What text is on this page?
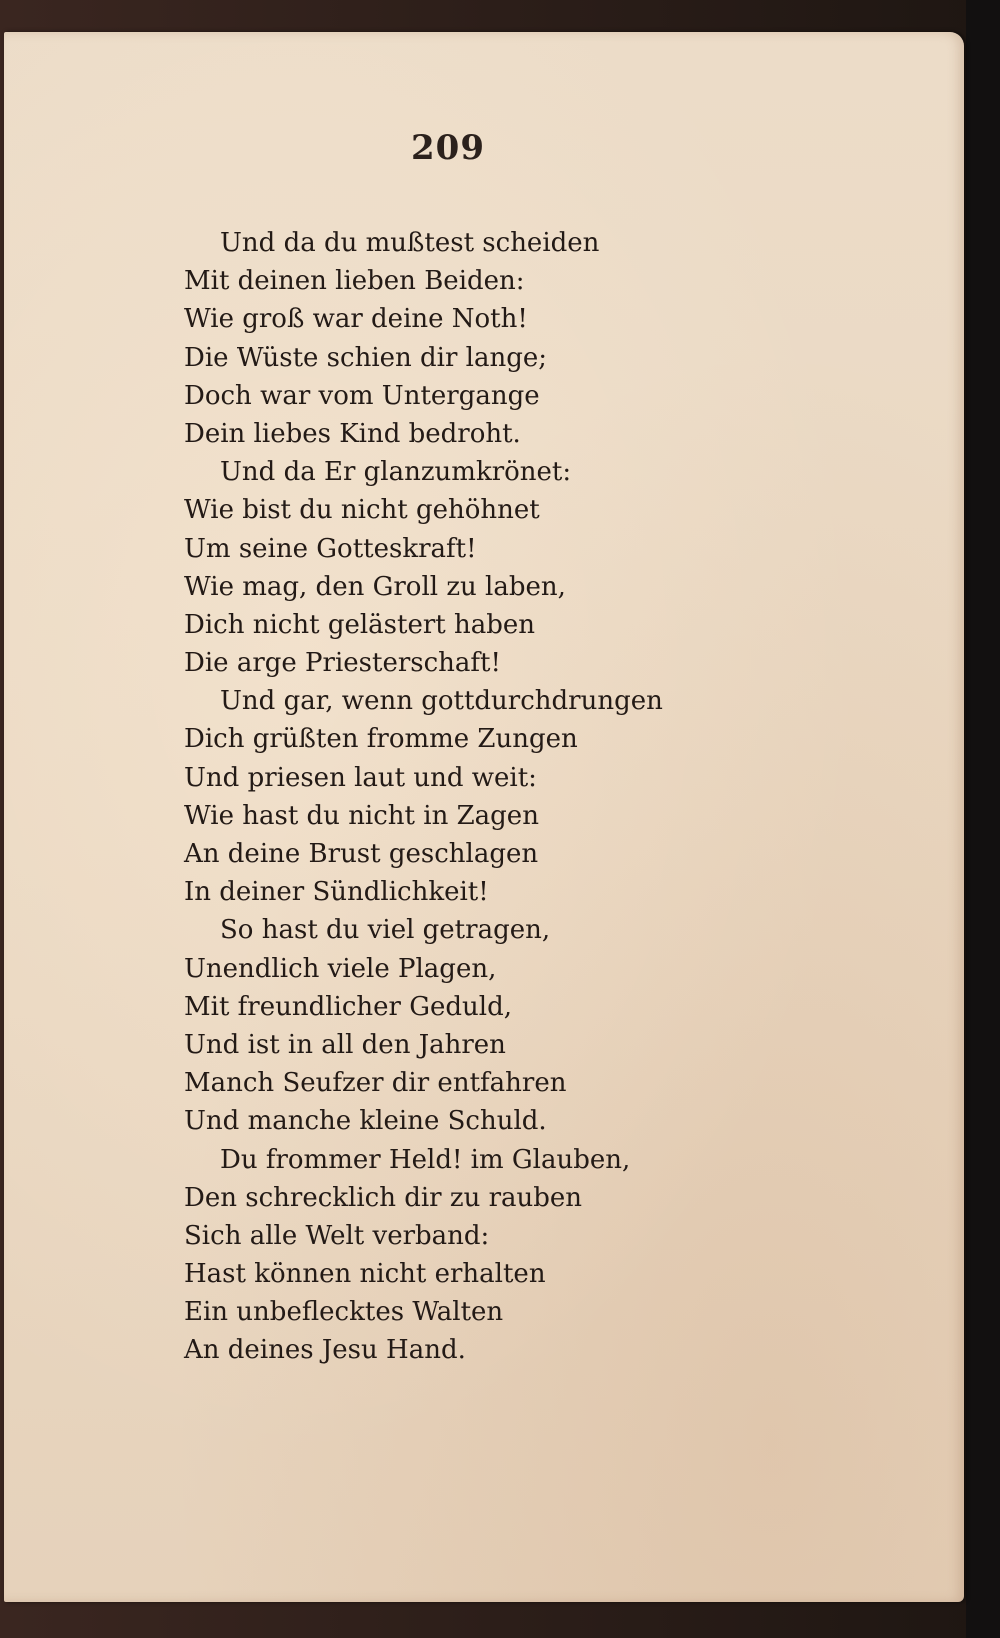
209
Und da du mußtest scheiden
Mit deinen lieben Beiden:
Wie groß war deine Noth!
Die Wüste schien dir lange;
Doch war vom Untergange
Dein liebes Kind bedroht.
Und da Er glanzumkrönet:
Wie bist du nicht gehöhnet
Um seine Gotteskraft!
Wie mag, den Groll zu laben,
Dich nicht gelästert haben
Die arge Priesterschaft!
Und gar, wenn gottdurchdrungen
Dich grüßten fromme Zungen
Und priesen laut und weit:
Wie hast du nicht in Zagen
An deine Brust geschlagen
In deiner Sündlichkeit!
So hast du viel getragen,
Unendlich viele Plagen,
Mit freundlicher Geduld,
Und ist in all den Jahren
Manch Seufzer dir entfahren
Und manche kleine Schuld.
Du frommer Held! im Glauben,
Den schrecklich dir zu rauben
Sich alle Welt verband:
Hast können nicht erhalten
Ein unbeflecktes Walten
An deines Jesu Hand.
